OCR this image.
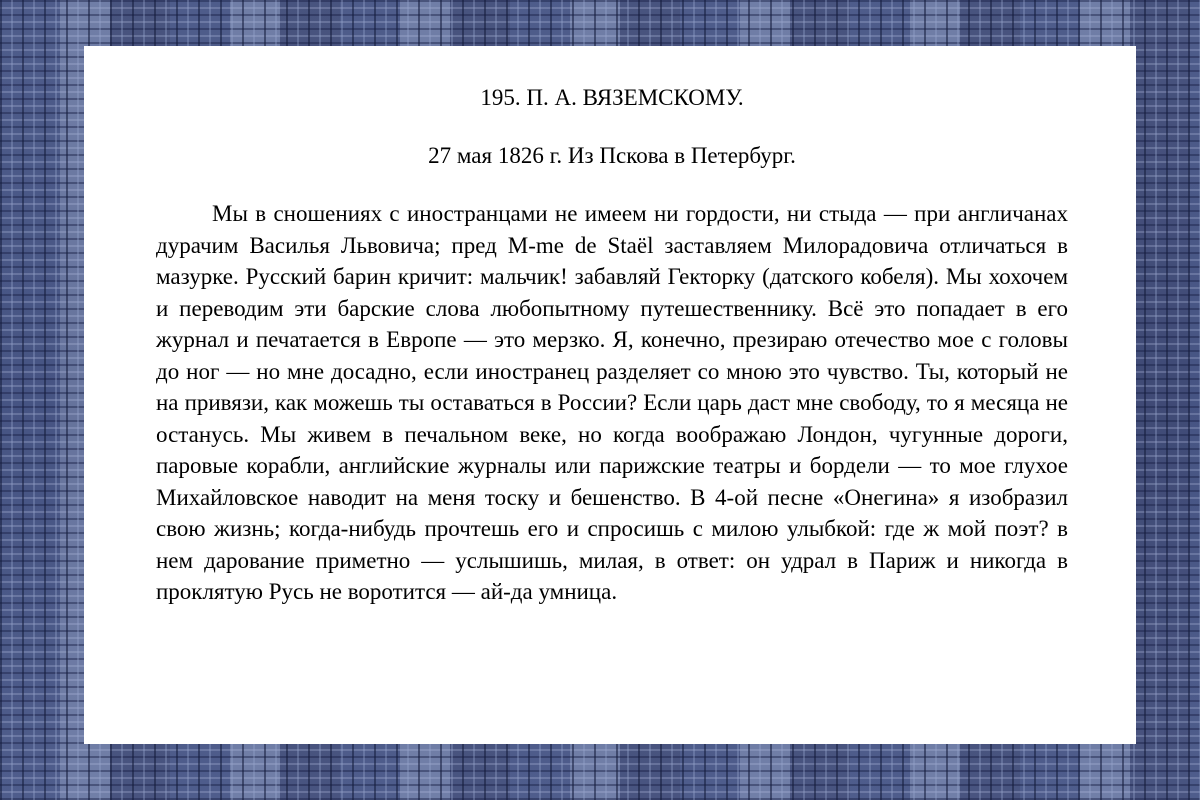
195. П. А. ВЯЗЕМСКОМУ.

27 мая 1826 г. Из Пскова в Петербург.

Мы в сношениях с иностранцами не имеем ни гордости, ни стыда — при англичанах дурачим Василья Львовича; пред M-me de Staël заставляем Милорадовича отличаться в мазурке. Русский барин кричит: мальчик! забавляй Гекторку (датского кобеля). Мы хохочем и переводим эти барские слова любопытному путешественнику. Всё это попадает в его журнал и печатается в Европе — это мерзко. Я, конечно, презираю отечество мое с головы до ног — но мне досадно, если иностранец разделяет со мною это чувство. Ты, который не на привязи, как можешь ты оставаться в России? Если царь даст мне свободу, то я месяца не останусь. Мы живем в печальном веке, но когда воображаю Лондон, чугунные дороги, паровые корабли, английские журналы или парижские театры и бордели — то мое глухое Михайловское наводит на меня тоску и бешенство. В 4-ой песне «Онегина» я изобразил свою жизнь; когда-нибудь прочтешь его и спросишь с милою улыбкой: где ж мой поэт? в нем дарование приметно — услышишь, милая, в ответ: он удрал в Париж и никогда в проклятую Русь не воротится — ай-да умница.
